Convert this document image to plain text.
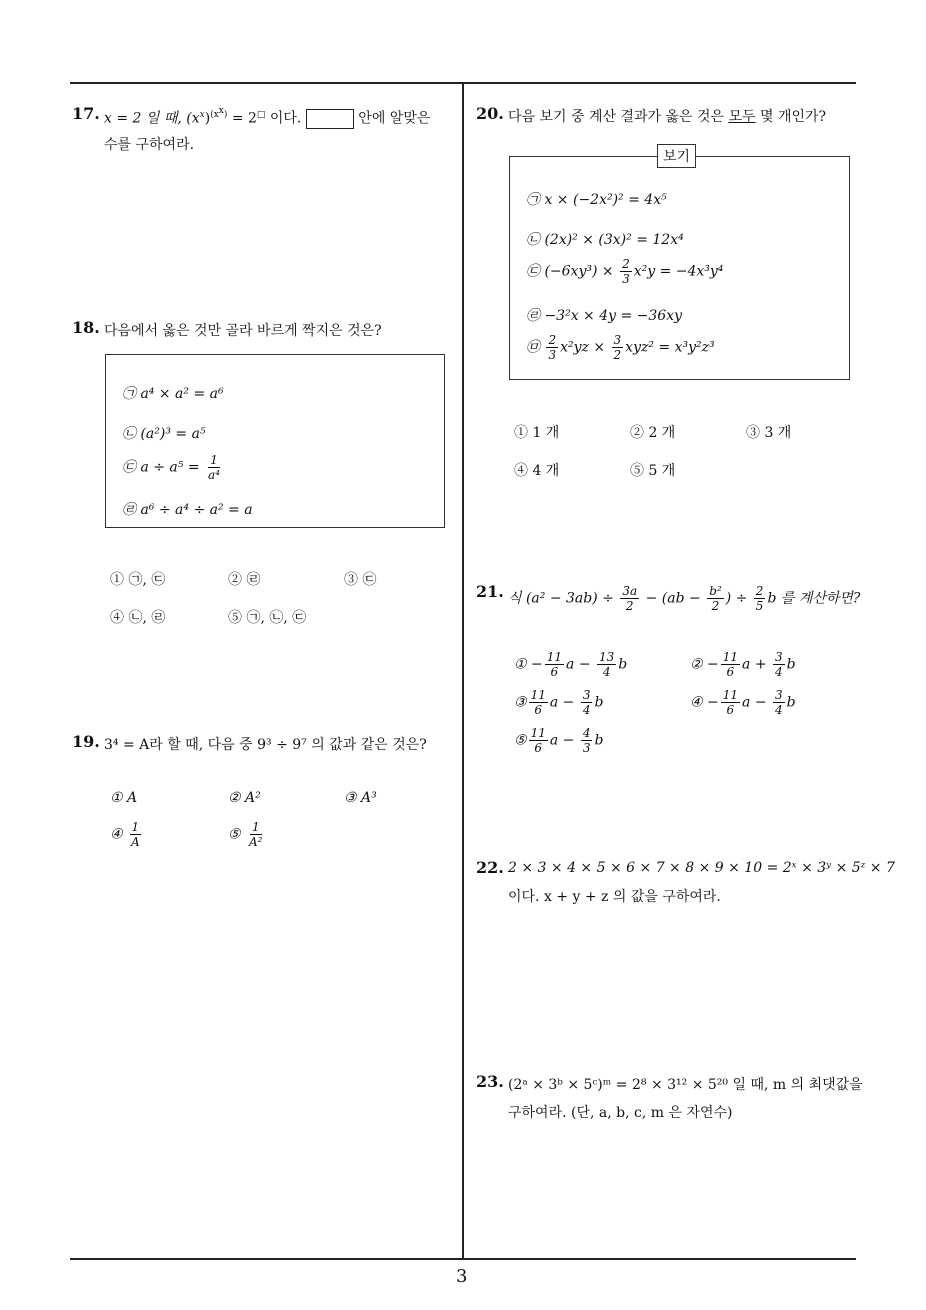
3
17. x = 2 일 때, $(x^x)^{(x^x)} = 2^□$ 이다.	안에 알맞은
수를 구하여라.
18. 다음에서 옳은 것만 골라 바르게 짝지은 것은?
㉠ a⁴ × a² = a⁶
㉡ (a²)³ = a⁵
㉢ $a \div a^5 = \frac{1}{\text{a⁴}}$
㉣ a⁶ ÷ a⁴ ÷ a² = a
① ㉠, ㉢	② ㉣	③ ㉢
④ ㉡, ㉣	⑤ ㉠, ㉡, ㉢
19. 3⁴ = A라 할 때, 다음 중 9³ ÷ 9⁷ 의 값과 같은 것은?
① A	② A²	③ A³
④ $\frac{1}{A}$	⑤ $\frac{1}{\text{A²}}$
20. 다음 보기 중 계산 결과가 옳은 것은 모두 몇 개인가?
㉠ x × (−2x²)² = 4x⁵
㉡ (2x)² × (3x)² = 12x⁴
㉢ $(-6xy^3) \times \frac{2}{3} x^2y = -4x^3y^4$
㉣ −3²x × 4y = −36xy
㉤ $\frac{2}{3} x^2yz \times \frac{3}{2} xyz^2 = x^3y^2z^3$
보기
① 1 개	② 2 개	③ 3 개
④ 4 개	⑤ 5 개
21. 식 $(a^2 - 3ab) \div \frac{3a}{2} - (ab - \frac{\text{b²}}{2}$ ) ÷ $\frac{2}{5}$ b 를 계산하면?
① − $\frac{11}{6}$ $a - \frac{13}{4}$ b	② − $\frac{11}{6}$ $a + \frac{3}{4}$ b
③ $\frac{11}{6}$ $a - \frac{3}{4}$ b	④ − $\frac{11}{6}$ $a - \frac{3}{4}$ b
⑤ $\frac{11}{6}$ $a - \frac{4}{3}$ b
22. 2 × 3 × 4 × 5 × 6 × 7 × 8 × 9 × 10 = 2ˣ × 3ʸ × 5ᶻ × 7
이다. x + y + z 의 값을 구하여라.
23. (2ᵃ × 3ᵇ × 5ᶜ)ᵐ = 2⁸ × 3¹² × 5²⁰ 일 때, m 의 최댓값을
구하여라. (단, a, b, c, m 은 자연수)
